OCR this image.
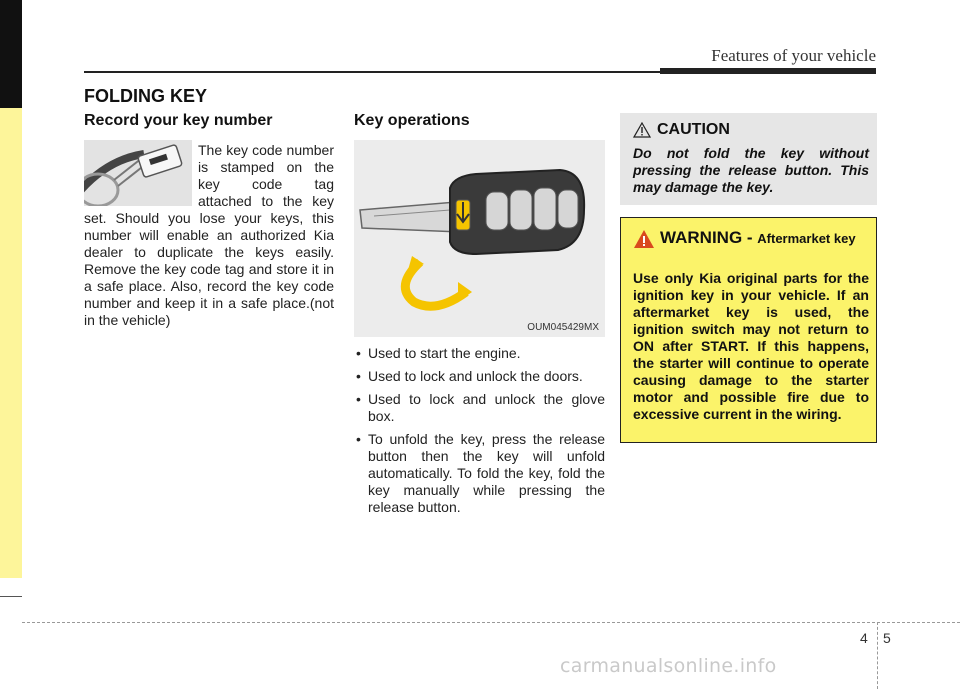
Features of your vehicle
FOLDING KEY
Record your key number
The key code number is stamped on the key code tag attached to the key set. Should you lose your keys, this number will enable an authorized Kia dealer to duplicate the keys easily. Remove the key code tag and store it in a safe place. Also, record the key code number and keep it in a safe place.(not in the vehicle)
Key operations
OUM045429MX
• Used to start the engine.
• Used to lock and unlock the doors.
• Used to lock and unlock the glove box.
• To unfold the key, press the release button then the key will unfold automatically. To fold the key, fold the key manually while pressing the release button.
CAUTION
Do not fold the key without pressing the release button. This may damage the key.
WARNING - Aftermarket key
Use only Kia original parts for the ignition key in your vehicle. If an aftermarket key is used, the ignition switch may not return to ON after START. If this happens, the starter will continue to operate causing damage to the starter motor and possible fire due to excessive current in the wiring.
4 5
carmanualsonline.info
